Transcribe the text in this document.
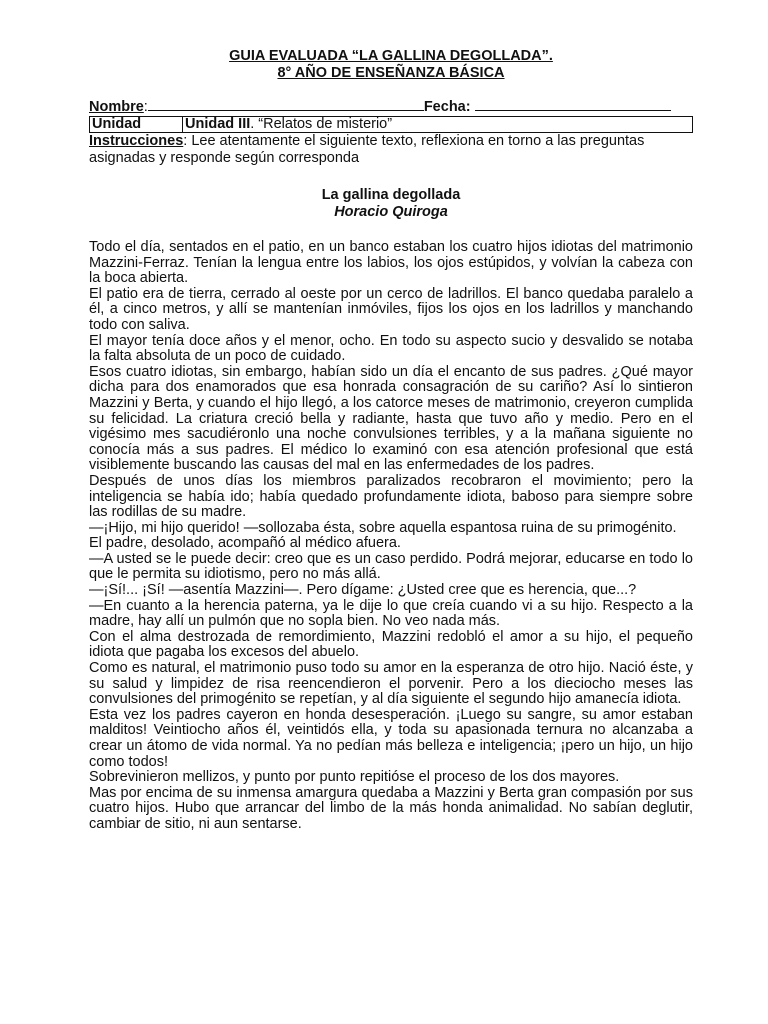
GUIA EVALUADA “LA GALLINA DEGOLLADA”.

8° AÑO DE ENSEÑANZA BÁSICA

Nombre:	Fecha:
Unidad	Unidad III. “Relatos de misterio”

Instrucciones: Lee atentamente el siguiente texto, reflexiona en torno a las preguntas asignadas y responde según corresponda

La gallina degollada
Horacio Quiroga

Todo el día, sentados en el patio, en un banco estaban los cuatro hijos idiotas del matrimonio Mazzini-Ferraz. Tenían la lengua entre los labios, los ojos estúpidos, y volvían la cabeza con la boca abierta.

El patio era de tierra, cerrado al oeste por un cerco de ladrillos. El banco quedaba paralelo a él, a cinco metros, y allí se mantenían inmóviles, fijos los ojos en los ladrillos y manchando todo con saliva.

El mayor tenía doce años y el menor, ocho. En todo su aspecto sucio y desvalido se notaba la falta absoluta de un poco de cuidado.

Esos cuatro idiotas, sin embargo, habían sido un día el encanto de sus padres. ¿Qué mayor dicha para dos enamorados que esa honrada consagración de su cariño? Así lo sintieron Mazzini y Berta, y cuando el hijo llegó, a los catorce meses de matrimonio, creyeron cumplida su felicidad. La criatura creció bella y radiante, hasta que tuvo año y medio. Pero en el vigésimo mes sacudiéronlo una noche convulsiones terribles, y a la mañana siguiente no conocía más a sus padres. El médico lo examinó con esa atención profesional que está visiblemente buscando las causas del mal en las enfermedades de los padres.

Después de unos días los miembros paralizados recobraron el movimiento; pero la inteligencia se había ido; había quedado profundamente idiota, baboso para siempre sobre las rodillas de su madre.

—¡Hijo, mi hijo querido! —sollozaba ésta, sobre aquella espantosa ruina de su primogénito.

El padre, desolado, acompañó al médico afuera.

—A usted se le puede decir: creo que es un caso perdido. Podrá mejorar, educarse en todo lo que le permita su idiotismo, pero no más allá.

—¡Sí!... ¡Sí! —asentía Mazzini—. Pero dígame: ¿Usted cree que es herencia, que...?

—En cuanto a la herencia paterna, ya le dije lo que creía cuando vi a su hijo. Respecto a la madre, hay allí un pulmón que no sopla bien. No veo nada más.

Con el alma destrozada de remordimiento, Mazzini redobló el amor a su hijo, el pequeño idiota que pagaba los excesos del abuelo.

Como es natural, el matrimonio puso todo su amor en la esperanza de otro hijo. Nació éste, y su salud y limpidez de risa reencendieron el porvenir. Pero a los dieciocho meses las convulsiones del primogénito se repetían, y al día siguiente el segundo hijo amanecía idiota.

Esta vez los padres cayeron en honda desesperación. ¡Luego su sangre, su amor estaban malditos! Veintiocho años él, veintidós ella, y toda su apasionada ternura no alcanzaba a crear un átomo de vida normal. Ya no pedían más belleza e inteligencia; ¡pero un hijo, un hijo como todos!

Sobrevinieron mellizos, y punto por punto repitióse el proceso de los dos mayores.

Mas por encima de su inmensa amargura quedaba a Mazzini y Berta gran compasión por sus cuatro hijos. Hubo que arrancar del limbo de la más honda animalidad. No sabían deglutir, cambiar de sitio, ni aun sentarse.
